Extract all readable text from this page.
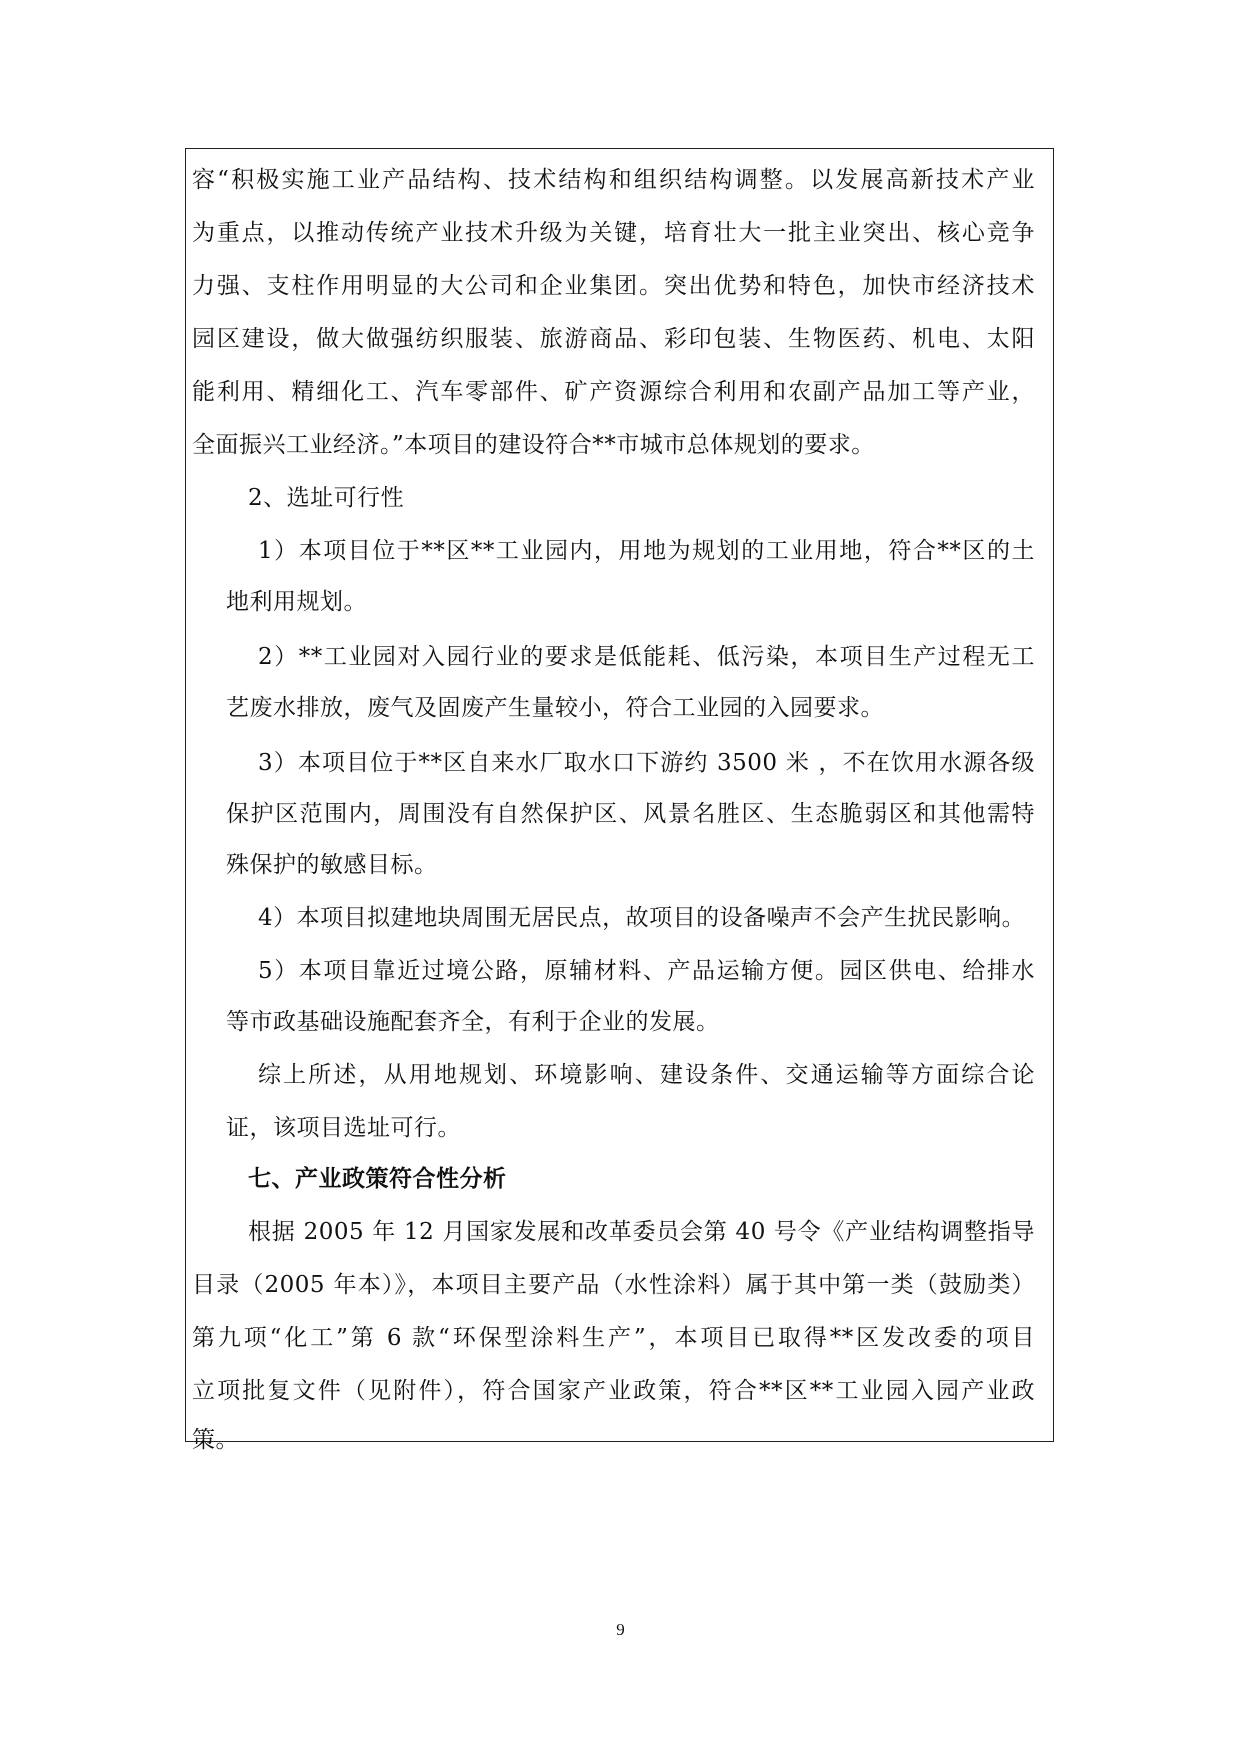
容“积极实施工业产品结构、技术结构和组织结构调整。以发展高新技术产业
为重点，以推动传统产业技术升级为关键，培育壮大一批主业突出、核心竞争
力强、支柱作用明显的大公司和企业集团。突出优势和特色，加快市经济技术
园区建设，做大做强纺织服装、旅游商品、彩印包装、生物医药、机电、太阳
能利用、精细化工、汽车零部件、矿产资源综合利用和农副产品加工等产业，
全面振兴工业经济。”本项目的建设符合**市城市总体规划的要求。
2、选址可行性
1）本项目位于**区**工业园内，用地为规划的工业用地，符合**区的土
地利用规划。
2）**工业园对入园行业的要求是低能耗、低污染，本项目生产过程无工
艺废水排放，废气及固废产生量较小，符合工业园的入园要求。
3）本项目位于**区自来水厂取水口下游约 3500 米 ，不在饮用水源各级
保护区范围内，周围没有自然保护区、风景名胜区、生态脆弱区和其他需特
殊保护的敏感目标。
4）本项目拟建地块周围无居民点，故项目的设备噪声不会产生扰民影响。
5）本项目靠近过境公路，原辅材料、产品运输方便。园区供电、给排水
等市政基础设施配套齐全，有利于企业的发展。
综上所述，从用地规划、环境影响、建设条件、交通运输等方面综合论
证，该项目选址可行。
七、产业政策符合性分析
根据 2005 年 12 月国家发展和改革委员会第 40 号令《产业结构调整指导
目录（2005 年本）》，本项目主要产品（水性涂料）属于其中第一类（鼓励类）
第九项“化工”第 6 款“环保型涂料生产”，本项目已取得**区发改委的项目
立项批复文件（见附件），符合国家产业政策，符合**区**工业园入园产业政
策。
9
